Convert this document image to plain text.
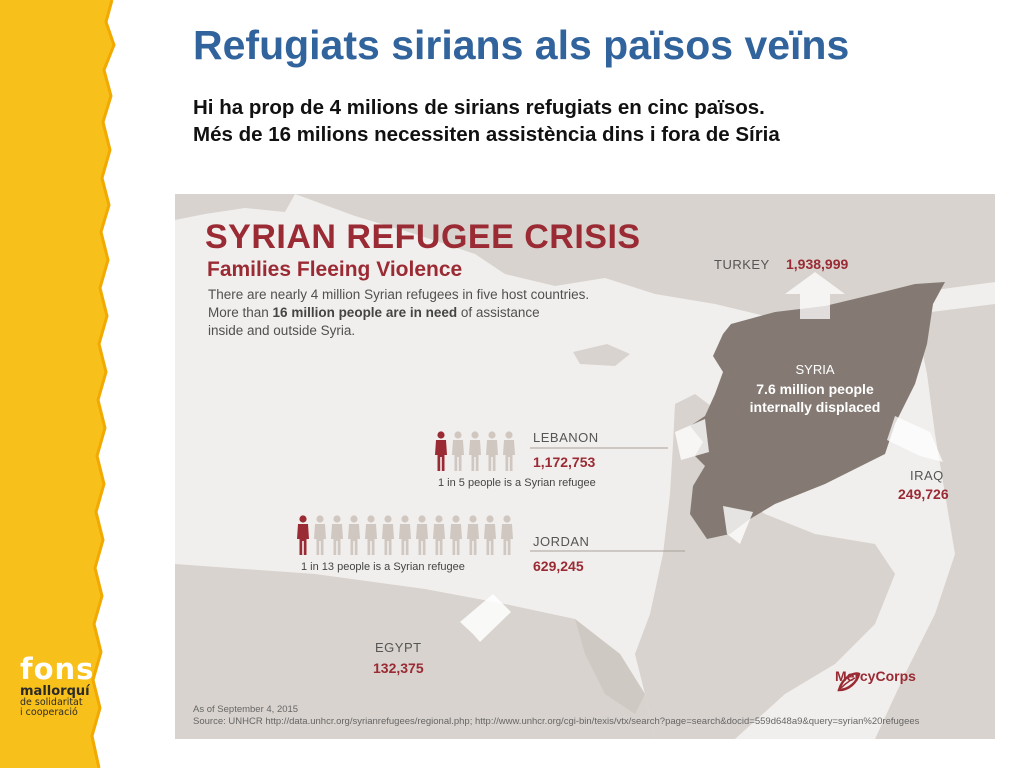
fons
mallorquí
de solidaritat
i cooperació
Refugiats sirians als països veïns
Hi ha prop de 4 milions de sirians refugiats en cinc països.
Més de 16 milions necessiten assistència dins i fora de Síria
SYRIAN REFUGEE CRISIS
Families Fleeing Violence
There are nearly 4 million Syrian refugees in five host countries.
More than 16 million people are in need of assistance
inside and outside Syria.
TURKEY 1,938,999
SYRIA
7.6 million people
internally displaced
LEBANON
1,172,753
1 in 5 people is a Syrian refugee
JORDAN
629,245
1 in 13 people is a Syrian refugee
IRAQ
249,726
EGYPT
132,375
As of September 4, 2015
Source: UNHCR http://data.unhcr.org/syrianrefugees/regional.php; http://www.unhcr.org/cgi-bin/texis/vtx/search?page=search&docid=559d648a9&query=syrian%20refugees
MercyCorps
